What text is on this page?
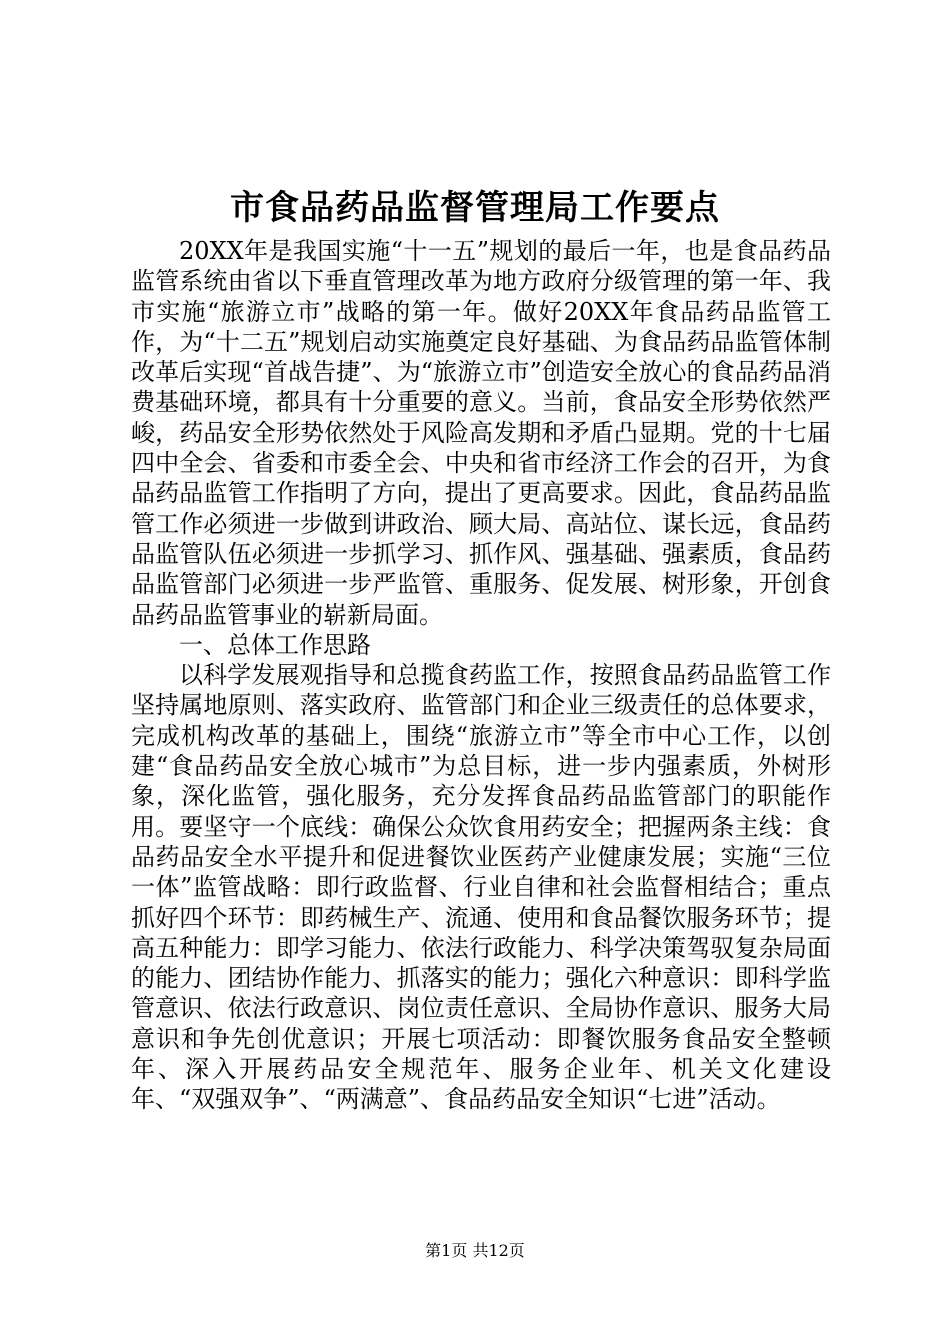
市食品药品监督管理局工作要点

20XX年是我国实施“十一五”规划的最后一年，也是食品药品监管系统由省以下垂直管理改革为地方政府分级管理的第一年、我市实施“旅游立市”战略的第一年。做好20XX年食品药品监管工作，为“十二五”规划启动实施奠定良好基础、为食品药品监管体制改革后实现“首战告捷”、为“旅游立市”创造安全放心的食品药品消费基础环境，都具有十分重要的意义。当前，食品安全形势依然严峻，药品安全形势依然处于风险高发期和矛盾凸显期。党的十七届四中全会、省委和市委全会、中央和省市经济工作会的召开，为食品药品监管工作指明了方向，提出了更高要求。因此，食品药品监管工作必须进一步做到讲政治、顾大局、高站位、谋长远，食品药品监管队伍必须进一步抓学习、抓作风、强基础、强素质，食品药品监管部门必须进一步严监管、重服务、促发展、树形象，开创食品药品监管事业的崭新局面。

一、总体工作思路

以科学发展观指导和总揽食药监工作，按照食品药品监管工作坚持属地原则、落实政府、监管部门和企业三级责任的总体要求，完成机构改革的基础上，围绕“旅游立市”等全市中心工作，以创建“食品药品安全放心城市”为总目标，进一步内强素质，外树形象，深化监管，强化服务，充分发挥食品药品监管部门的职能作用。要坚守一个底线：确保公众饮食用药安全；把握两条主线：食品药品安全水平提升和促进餐饮业医药产业健康发展；实施“三位一体”监管战略：即行政监督、行业自律和社会监督相结合；重点抓好四个环节：即药械生产、流通、使用和食品餐饮服务环节；提高五种能力：即学习能力、依法行政能力、科学决策驾驭复杂局面的能力、团结协作能力、抓落实的能力；强化六种意识：即科学监管意识、依法行政意识、岗位责任意识、全局协作意识、服务大局意识和争先创优意识；开展七项活动：即餐饮服务食品安全整顿年、深入开展药品安全规范年、服务企业年、机关文化建设年、“双强双争”、“两满意”、食品药品安全知识“七进”活动。

第1页 共12页
